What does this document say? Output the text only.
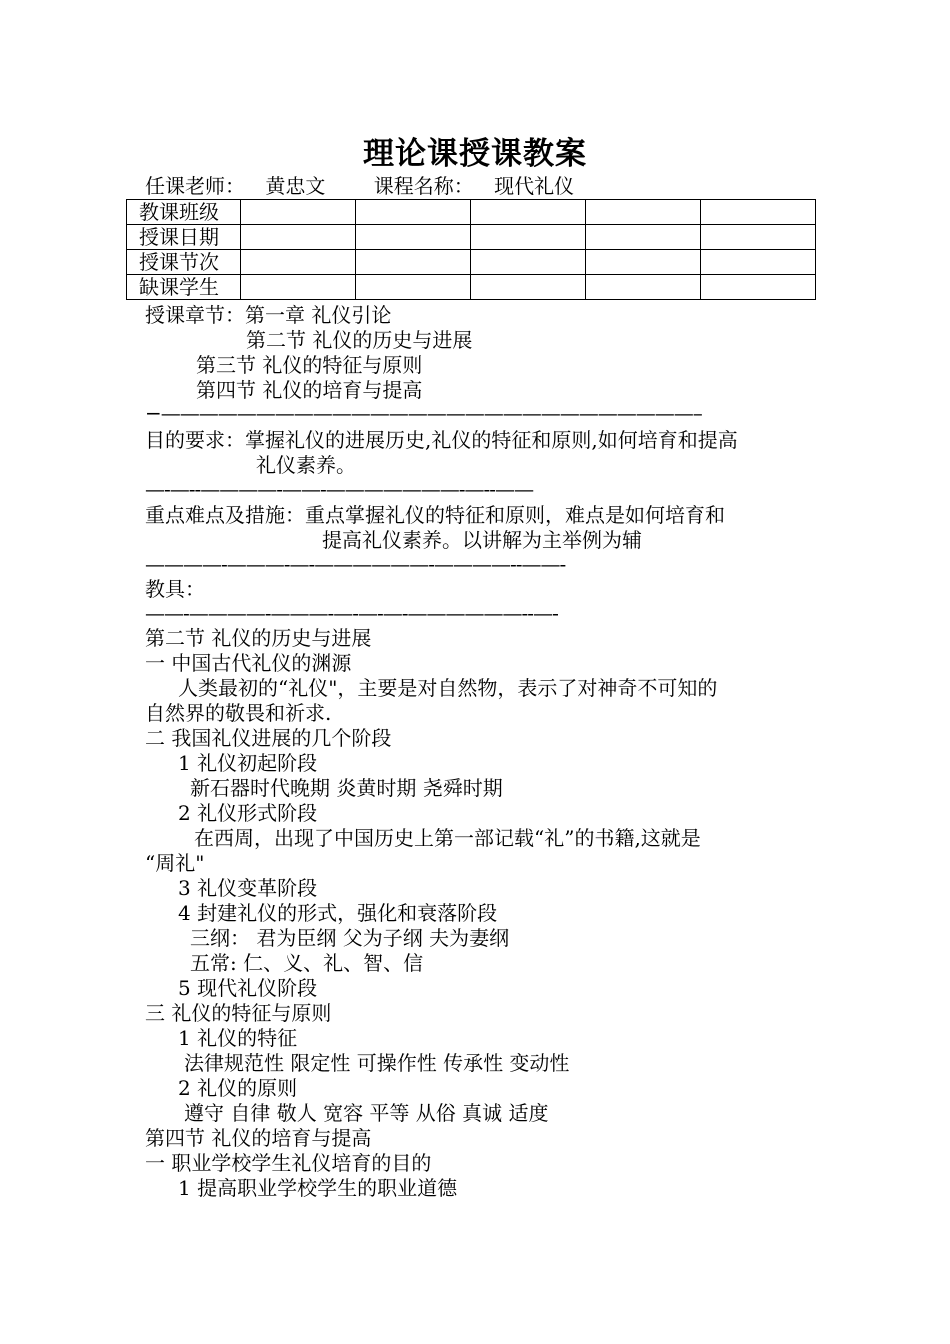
理论课授课教案
任课老师： 黄忠文 课程名称： 现代礼仪
教课班级					
授课日期					
授课节次					
缺课学生					
授课章节：第一章 礼仪引论
第二节 礼仪的历史与进展
第三节 礼仪的特征与原则
第四节 礼仪的培育与提高
−————————————————————————————–
目的要求：掌握礼仪的进展历史,礼仪的特征和原则,如何培育和提高
礼仪素养。
—-—--————-——-———————-—--——
重点难点及措施：重点掌握礼仪的特征和原则，难点是如何培育和
提高礼仪素养。以讲解为主举例为辅
————-———-—-——————-————--——-
教具：
——-————-———-—-—-—-——————--—-
第二节 礼仪的历史与进展
一 中国古代礼仪的渊源
人类最初的“礼仪"，主要是对自然物，表示了对神奇不可知的
自然界的敬畏和祈求.
二 我国礼仪进展的几个阶段
1 礼仪初起阶段
新石器时代晚期 炎黄时期 尧舜时期
2 礼仪形式阶段
在西周，出现了中国历史上第一部记载“礼”的书籍,这就是
“周礼"
3 礼仪变革阶段
4 封建礼仪的形式，强化和衰落阶段
三纲： 君为臣纲 父为子纲 夫为妻纲
五常: 仁、义、礼、智、信
5 现代礼仪阶段
三 礼仪的特征与原则
1 礼仪的特征
法律规范性 限定性 可操作性 传承性 变动性
2 礼仪的原则
遵守 自律 敬人 宽容 平等 从俗 真诚 适度
第四节 礼仪的培育与提高
一 职业学校学生礼仪培育的目的
1 提高职业学校学生的职业道德
